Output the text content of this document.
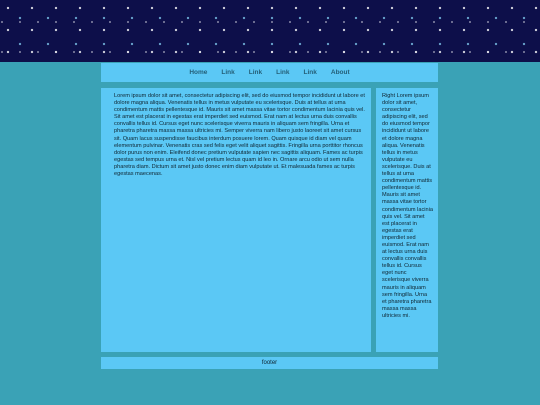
Home Link Link Link Link About

Lorem ipsum dolor sit amet, consectetur adipiscing elit, sed do eiusmod tempor incididunt ut labore et dolore magna aliqua. Venenatis tellus in metus vulputate eu scelerisque. Duis at tellus at urna condimentum mattis pellentesque id. Mauris sit amet massa vitae tortor condimentum lacinia quis vel. Sit amet est placerat in egestas erat imperdiet sed euismod. Erat nam at lectus urna duis convallis convallis tellus id. Cursus eget nunc scelerisque viverra mauris in aliquam sem fringilla. Urna et pharetra pharetra massa massa ultricies mi. Semper viverra nam libero justo laoreet sit amet cursus sit. Quam lacus suspendisse faucibus interdum posuere lorem. Quam quisque id diam vel quam elementum pulvinar. Venenatis cras sed felis eget velit aliquet sagittis. Fringilla urna porttitor rhoncus dolor purus non enim. Eleifend donec pretium vulputate sapien nec sagittis aliquam. Fames ac turpis egestas sed tempus urna et. Nisl vel pretium lectus quam id leo in. Ornare arcu odio ut sem nulla pharetra diam. Dictum sit amet justo donec enim diam vulputate ut. Et malesuada fames ac turpis egestas maecenas.

Right Lorem ipsum dolor sit amet, consectetur adipiscing elit, sed do eiusmod tempor incididunt ut labore et dolore magna aliqua. Venenatis tellus in metus vulputate eu scelerisque. Duis at tellus at urna condimentum mattis pellentesque id. Mauris sit amet massa vitae tortor condimentum lacinia quis vel. Sit amet est placerat in egestas erat imperdiet sed euismod. Erat nam at lectus urna duis convallis convallis tellus id. Cursus eget nunc scelerisque viverra mauris in aliquam sem fringilla. Urna et pharetra pharetra massa massa ultricies mi.

footer
